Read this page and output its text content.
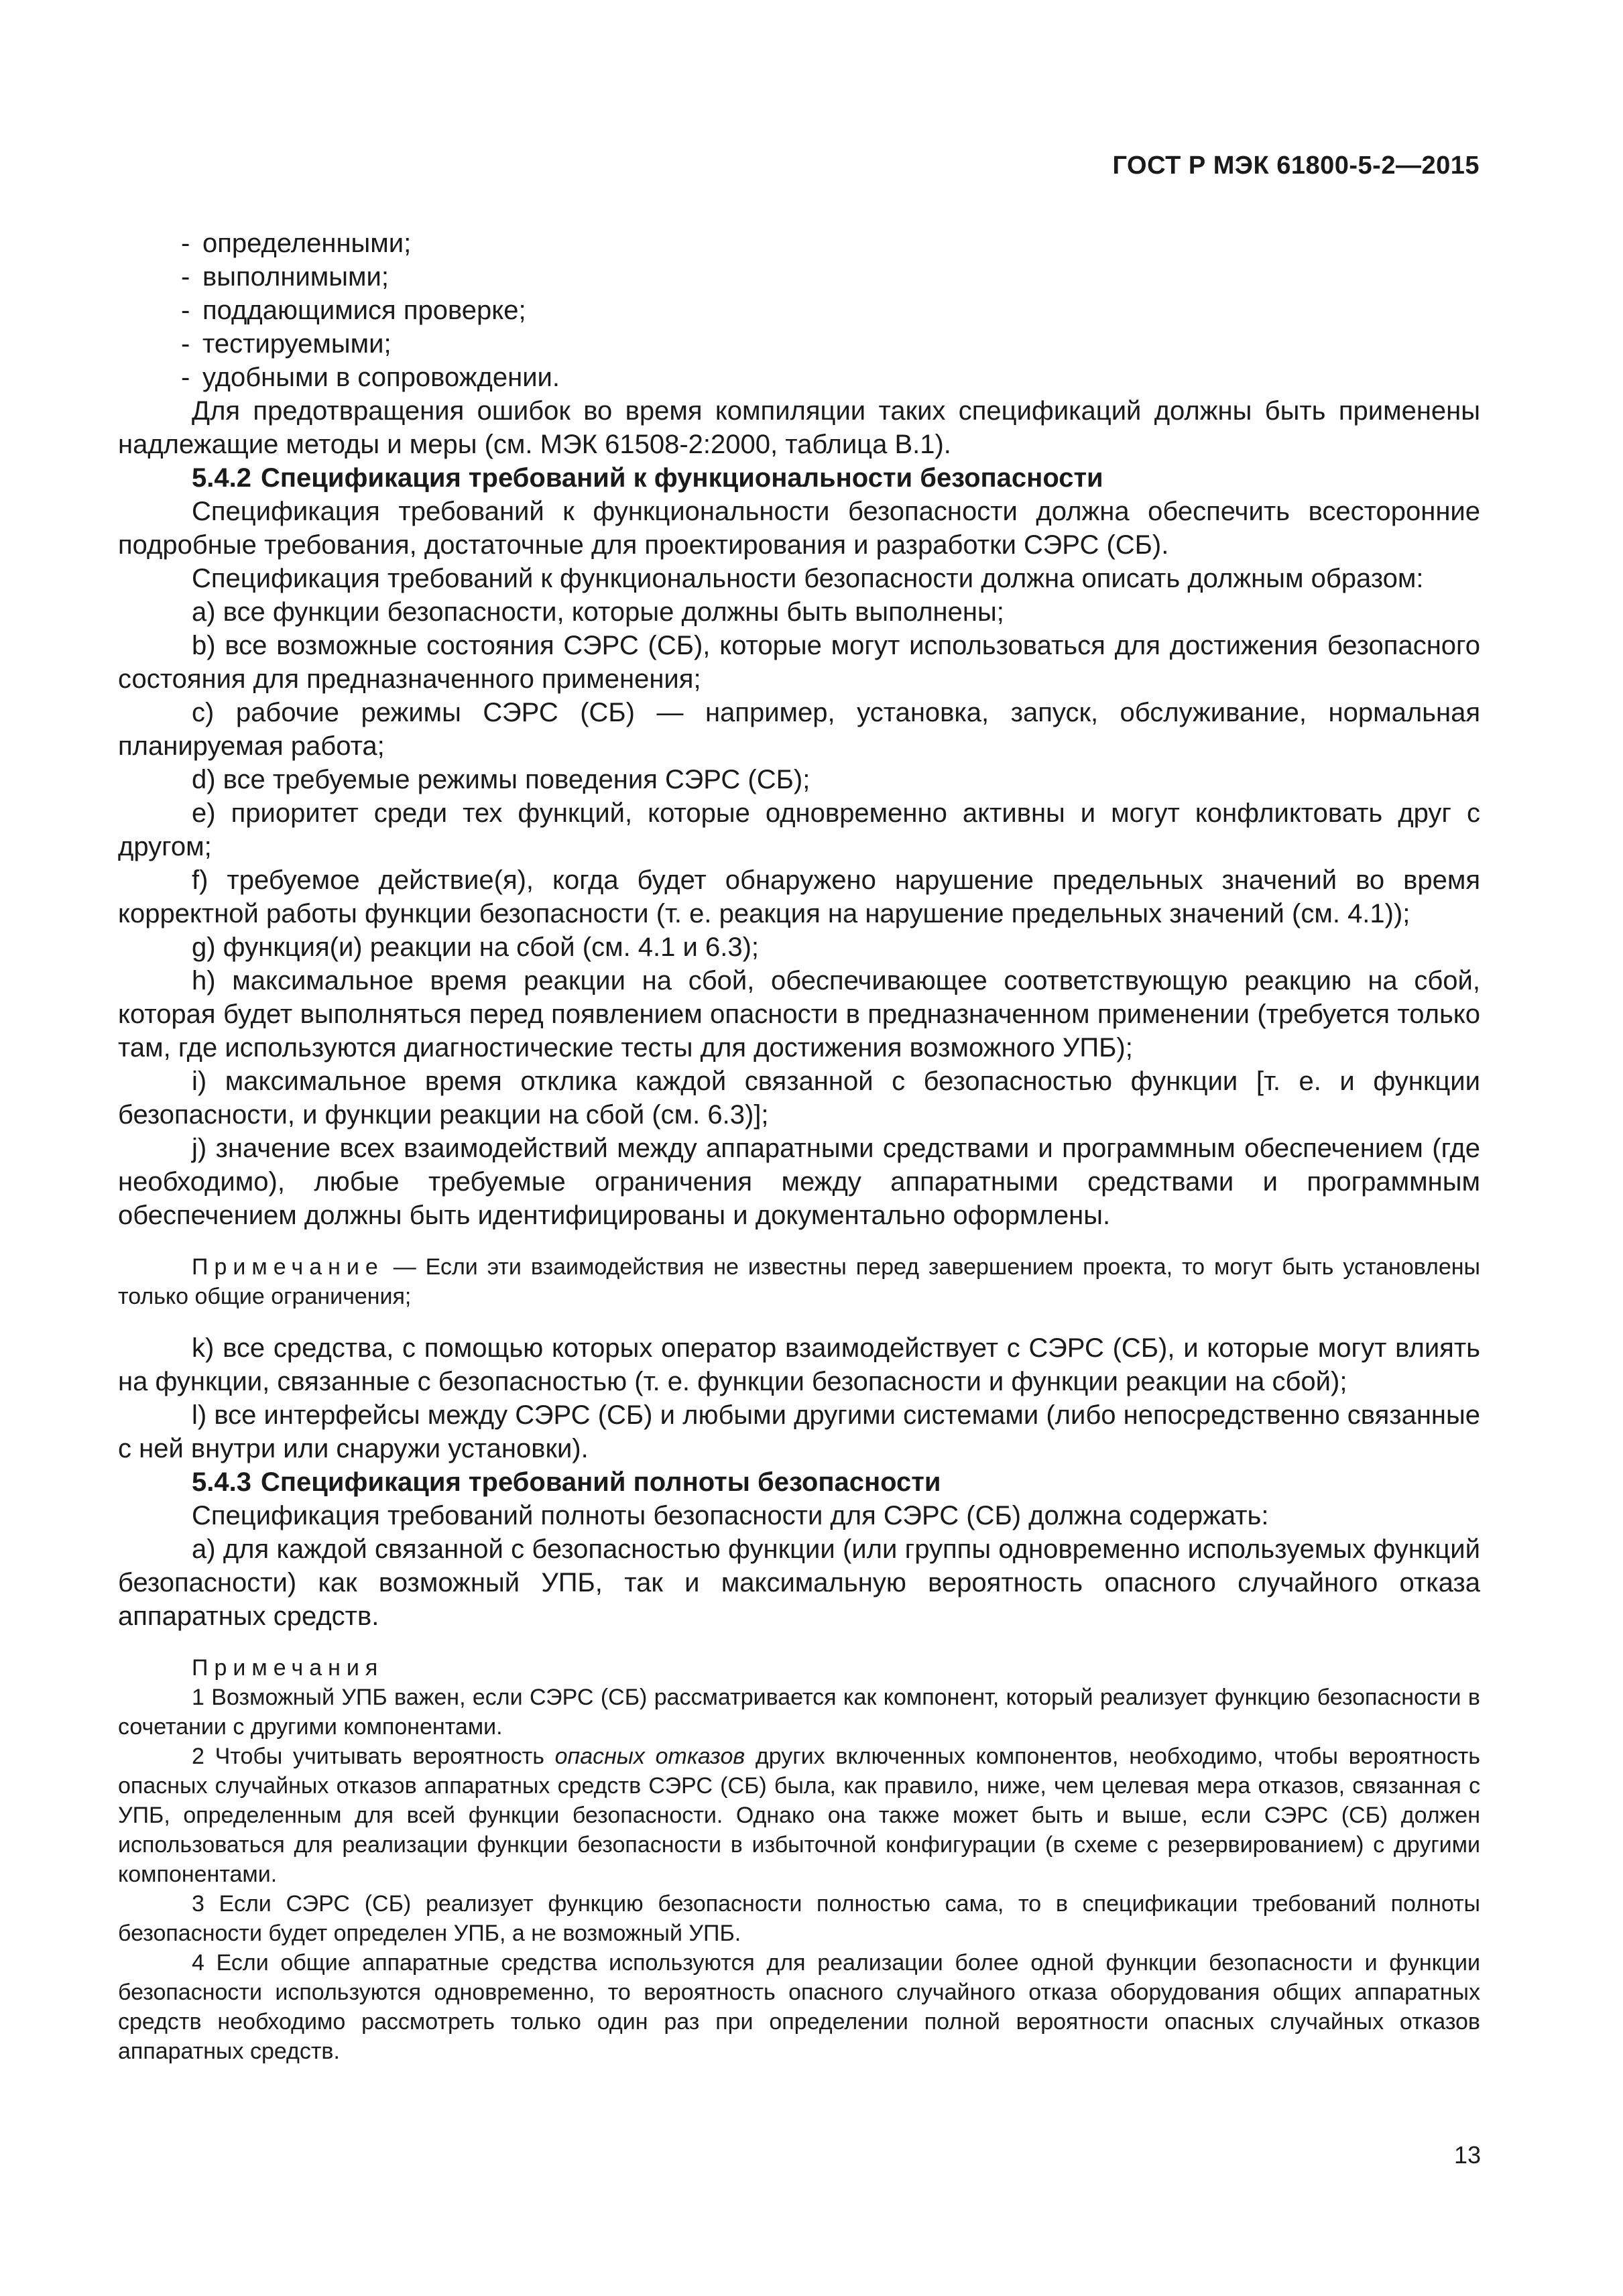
ГОСТ Р МЭК 61800-5-2—2015

- определенными;

- выполнимыми;

- поддающимися проверке;

- тестируемыми;

- удобными в сопровождении.

Для предотвращения ошибок во время компиляции таких спецификаций должны быть применены надлежащие методы и меры (см. МЭК 61508-2:2000, таблица В.1).

5.4.2 Спецификация требований к функциональности безопасности

Спецификация требований к функциональности безопасности должна обеспечить всесторонние подробные требования, достаточные для проектирования и разработки СЭРС (СБ).

Спецификация требований к функциональности безопасности должна описать должным образом:

a) все функции безопасности, которые должны быть выполнены;

b) все возможные состояния СЭРС (СБ), которые могут использоваться для достижения безопасного состояния для предназначенного применения;

c) рабочие режимы СЭРС (СБ) — например, установка, запуск, обслуживание, нормальная планируемая работа;

d) все требуемые режимы поведения СЭРС (СБ);

e) приоритет среди тех функций, которые одновременно активны и могут конфликтовать друг с другом;

f) требуемое действие(я), когда будет обнаружено нарушение предельных значений во время корректной работы функции безопасности (т. е. реакция на нарушение предельных значений (см. 4.1));

g) функция(и) реакции на сбой (см. 4.1 и 6.3);

h) максимальное время реакции на сбой, обеспечивающее соответствующую реакцию на сбой, которая будет выполняться перед появлением опасности в предназначенном применении (требуется только там, где используются диагностические тесты для достижения возможного УПБ);

i) максимальное время отклика каждой связанной с безопасностью функции [т. е. и функции безопасности, и функции реакции на сбой (см. 6.3)];

j) значение всех взаимодействий между аппаратными средствами и программным обеспечением (где необходимо), любые требуемые ограничения между аппаратными средствами и программным обеспечением должны быть идентифицированы и документально оформлены.

Примечание — Если эти взаимодействия не известны перед завершением проекта, то могут быть установлены только общие ограничения;

k) все средства, с помощью которых оператор взаимодействует с СЭРС (СБ), и которые могут влиять на функции, связанные с безопасностью (т. е. функции безопасности и функции реакции на сбой);

l) все интерфейсы между СЭРС (СБ) и любыми другими системами (либо непосредственно связанные с ней внутри или снаружи установки).

5.4.3 Спецификация требований полноты безопасности

Спецификация требований полноты безопасности для СЭРС (СБ) должна содержать:

a) для каждой связанной с безопасностью функции (или группы одновременно используемых функций безопасности) как возможный УПБ, так и максимальную вероятность опасного случайного отказа аппаратных средств.

Примечания

1 Возможный УПБ важен, если СЭРС (СБ) рассматривается как компонент, который реализует функцию безопасности в сочетании с другими компонентами.

2 Чтобы учитывать вероятность опасных отказов других включенных компонентов, необходимо, чтобы вероятность опасных случайных отказов аппаратных средств СЭРС (СБ) была, как правило, ниже, чем целевая мера отказов, связанная с УПБ, определенным для всей функции безопасности. Однако она также может быть и выше, если СЭРС (СБ) должен использоваться для реализации функции безопасности в избыточной конфигурации (в схеме с резервированием) с другими компонентами.

3 Если СЭРС (СБ) реализует функцию безопасности полностью сама, то в спецификации требований полноты безопасности будет определен УПБ, а не возможный УПБ.

4 Если общие аппаратные средства используются для реализации более одной функции безопасности и функции безопасности используются одновременно, то вероятность опасного случайного отказа оборудования общих аппаратных средств необходимо рассмотреть только один раз при определении полной вероятности опасных случайных отказов аппаратных средств.

13
